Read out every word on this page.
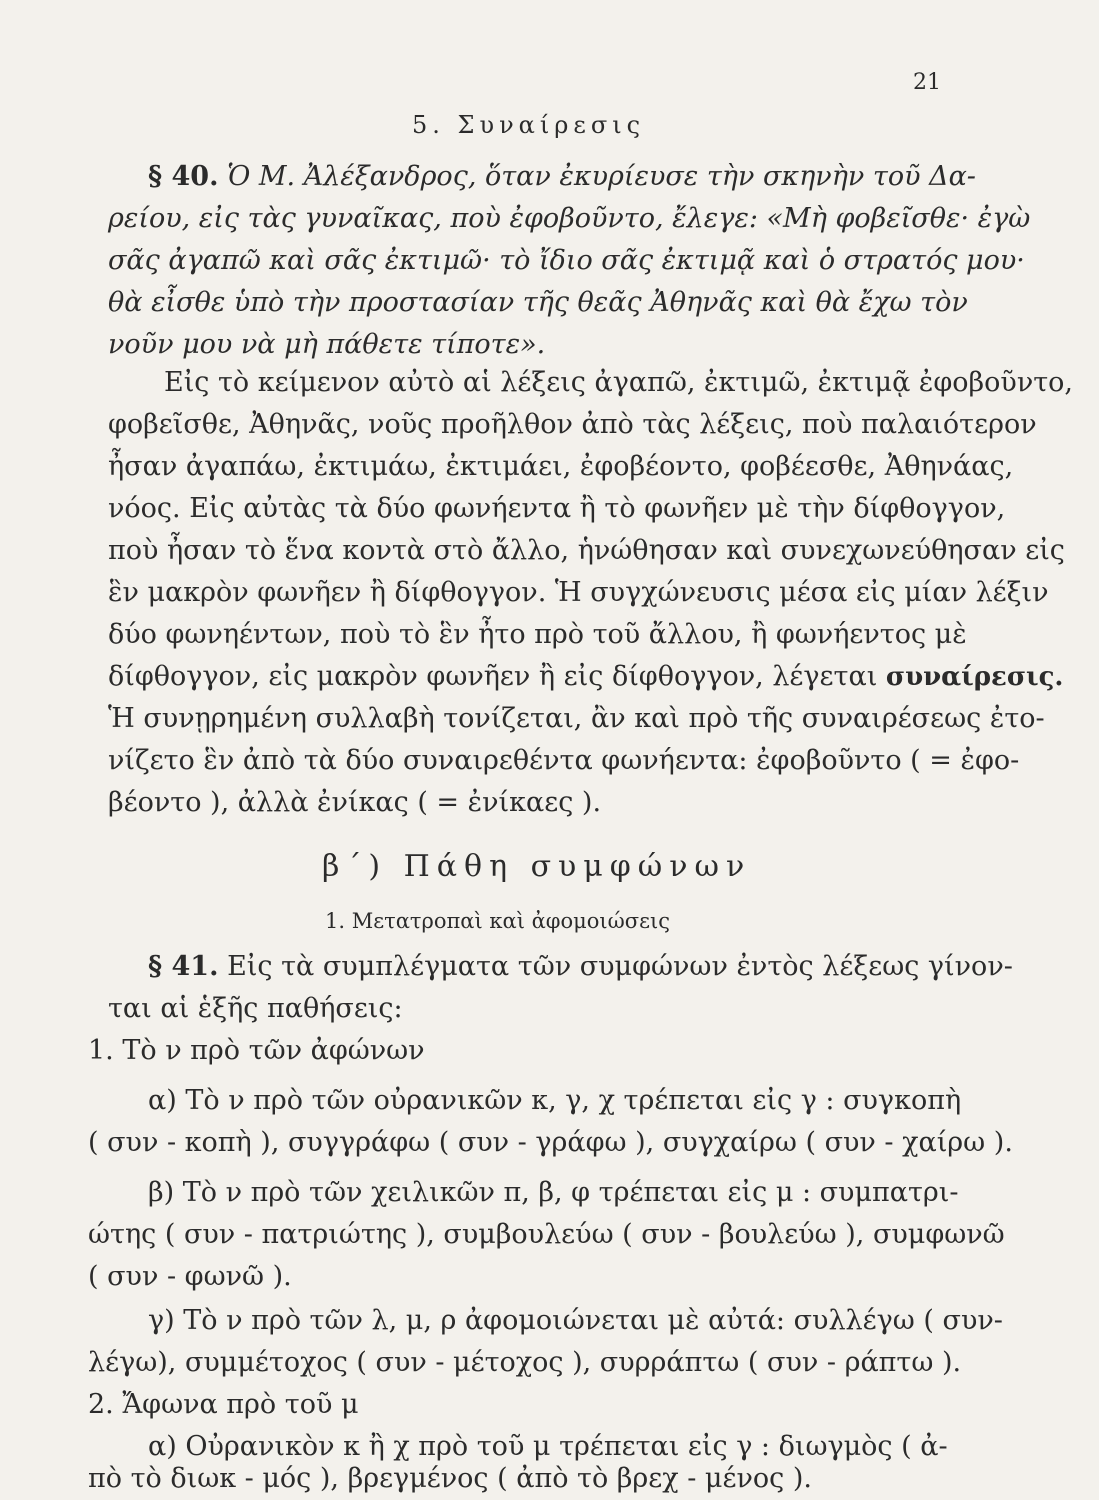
21
5. Συναίρεσις
§ 40. Ὁ Μ. Ἀλέξανδρος, ὅταν ἐκυρίευσε τὴν σκηνὴν τοῦ Δα-
ρείου, εἰς τὰς γυναῖκας, ποὺ ἐφοβοῦντο, ἔλεγε: «Μὴ φοβεῖσθε· ἐγὼ
σᾶς ἀγαπῶ καὶ σᾶς ἐκτιμῶ· τὸ ἴδιο σᾶς ἐκτιμᾷ καὶ ὁ στρατός μου·
θὰ εἶσθε ὑπὸ τὴν προστασίαν τῆς θεᾶς Ἀθηνᾶς καὶ θὰ ἔχω τὸν
νοῦν μου νὰ μὴ πάθετε τίποτε».
Εἰς τὸ κείμενον αὐτὸ αἱ λέξεις ἀγαπῶ, ἐκτιμῶ, ἐκτιμᾷ ἐφοβοῦντο,
φοβεῖσθε, Ἀθηνᾶς, νοῦς προῆλθον ἀπὸ τὰς λέξεις, ποὺ παλαιότερον
ἦσαν ἀγαπάω, ἐκτιμάω, ἐκτιμάει, ἐφοβέοντο, φοβέεσθε, Ἀθηνάας,
νόος. Εἰς αὐτὰς τὰ δύο φωνήεντα ἢ τὸ φωνῆεν μὲ τὴν δίφθογγον,
ποὺ ἦσαν τὸ ἕνα κοντὰ στὸ ἄλλο, ἡνώθησαν καὶ συνεχωνεύθησαν εἰς
ἓν μακρὸν φωνῆεν ἢ δίφθογγον. Ἡ συγχώνευσις μέσα εἰς μίαν λέξιν
δύο φωνηέντων, ποὺ τὸ ἓν ἦτο πρὸ τοῦ ἄλλου, ἢ φωνήεντος μὲ
δίφθογγον, εἰς μακρὸν φωνῆεν ἢ εἰς δίφθογγον, λέγεται συναίρεσις.
Ἡ συνῃρημένη συλλαβὴ τονίζεται, ἂν καὶ πρὸ τῆς συναιρέσεως ἐτο-
νίζετο ἓν ἀπὸ τὰ δύο συναιρεθέντα φωνήεντα: ἐφοβοῦντο ( = ἐφο-
βέοντο ), ἀλλὰ ἐνίκας ( = ἐνίκαες ).
β΄) Πάθη συμφώνων
1. Μετατροπαὶ καὶ ἀφομοιώσεις
§ 41. Εἰς τὰ συμπλέγματα τῶν συμφώνων ἐντὸς λέξεως γίνον-
ται αἱ ἑξῆς παθήσεις:
1. Τὸ ν πρὸ τῶν ἀφώνων
α) Τὸ ν πρὸ τῶν οὐρανικῶν κ, γ, χ τρέπεται εἰς γ : συγκοπὴ
( συν - κοπὴ ), συγγράφω ( συν - γράφω ), συγχαίρω ( συν - χαίρω ).
β) Τὸ ν πρὸ τῶν χειλικῶν π, β, φ τρέπεται εἰς μ : συμπατρι-
ώτης ( συν - πατριώτης ), συμβουλεύω ( συν - βουλεύω ), συμφωνῶ
( συν - φωνῶ ).
γ) Τὸ ν πρὸ τῶν λ, μ, ρ ἀφομοιώνεται μὲ αὐτά: συλλέγω ( συν-
λέγω), συμμέτοχος ( συν - μέτοχος ), συρράπτω ( συν - ράπτω ).
2. Ἄφωνα πρὸ τοῦ μ
α) Οὐρανικὸν κ ἢ χ πρὸ τοῦ μ τρέπεται εἰς γ : διωγμὸς ( ἀ-
πὸ τὸ διωκ - μός ), βρεγμένος ( ἀπὸ τὸ βρεχ - μένος ).
